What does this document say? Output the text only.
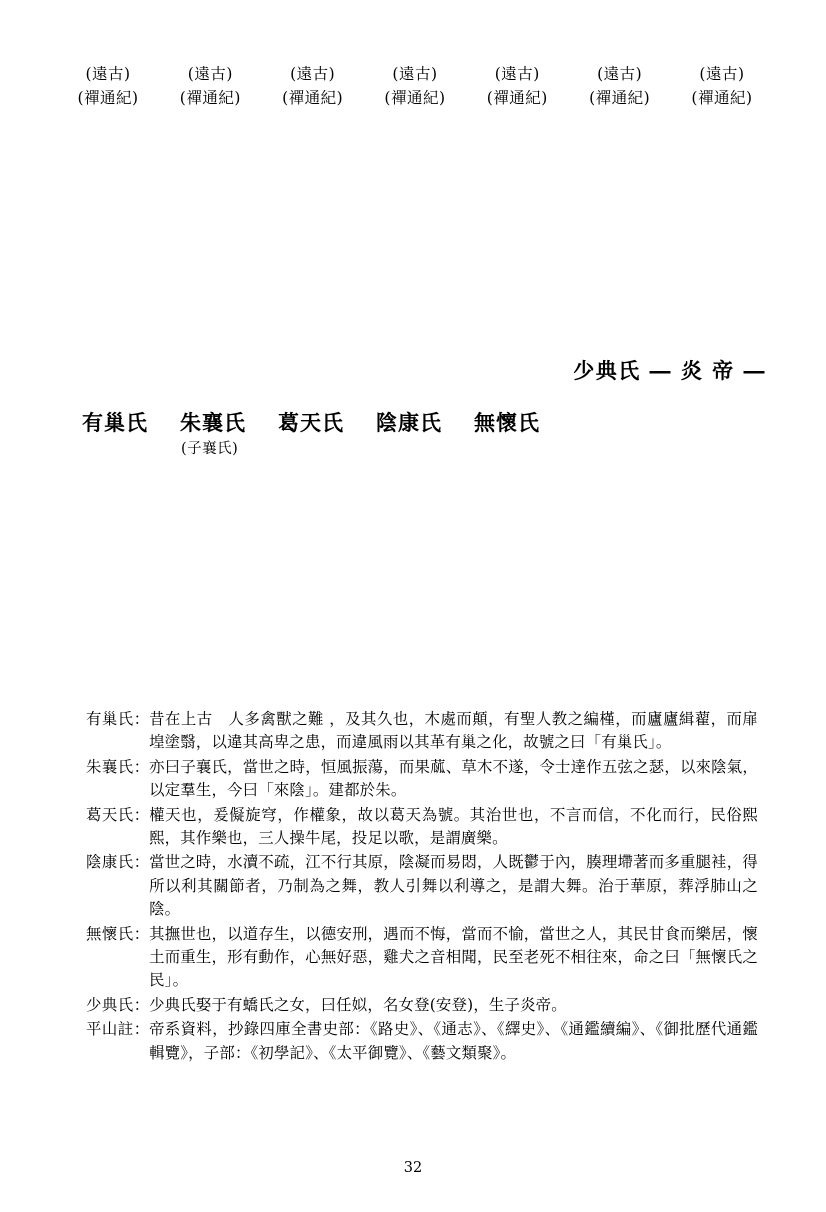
(遠古)
(禪通紀)
(遠古)
(禪通紀)
(遠古)
(禪通紀)
(遠古)
(禪通紀)
(遠古)
(禪通紀)
(遠古)
(禪通紀)
(遠古)
(禪通紀)
少典氏 ― 炎 帝 ―
有巢氏 朱襄氏
(子襄氏)
葛天氏 陰康氏 無懷氏
有巢氏 ： 昔在上古　人多禽獸之難 ，及其久也，木處而顛，有聖人教之編槿，而廬廬緝藋，而扉堭塗翳，以違其高卑之患，而違風雨以其革有巢之化，故號之曰「有巢氏」。
朱襄氏 ： 亦曰子襄氏，當世之時，恒風振蕩，而果蓏、草木不遂，令士達作五弦之瑟，以來陰氣，以定羣生，今曰「來陰」。建都於朱。
葛天氏 ： 權天也，爰儗旋穹，作權象，故以葛天為號。其治世也，不言而信，不化而行，民俗熙熙，其作樂也，三人操牛尾，投足以歌，是謂廣樂。
陰康氏 ： 當世之時，水瀆不疏，江不行其原，陰凝而易悶，人既鬱于內，腠理墆著而多重腿袿，得所以利其關節者，乃制為之舞，教人引舞以利導之，是謂大舞。治于華原，葬浮肺山之陰。
無懷氏 ： 其撫世也，以道存生，以德安刑，遇而不悔，當而不愉，當世之人，其民甘食而樂居，懷土而重生，形有動作，心無好惡，雞犬之音相聞，民至老死不相往來，命之曰「無懷氏之民」。
少典氏 ： 少典氏娶于有蟜氏之女，曰任姒，名女登(安登)，生子炎帝。
平山註 ： 帝系資料，抄錄四庫全書史部：《路史》、《通志》、《繹史》、《通鑑續編》、《御批歷代通鑑輯覽》，子部：《初學記》、《太平御覽》、《藝文類聚》。
32
